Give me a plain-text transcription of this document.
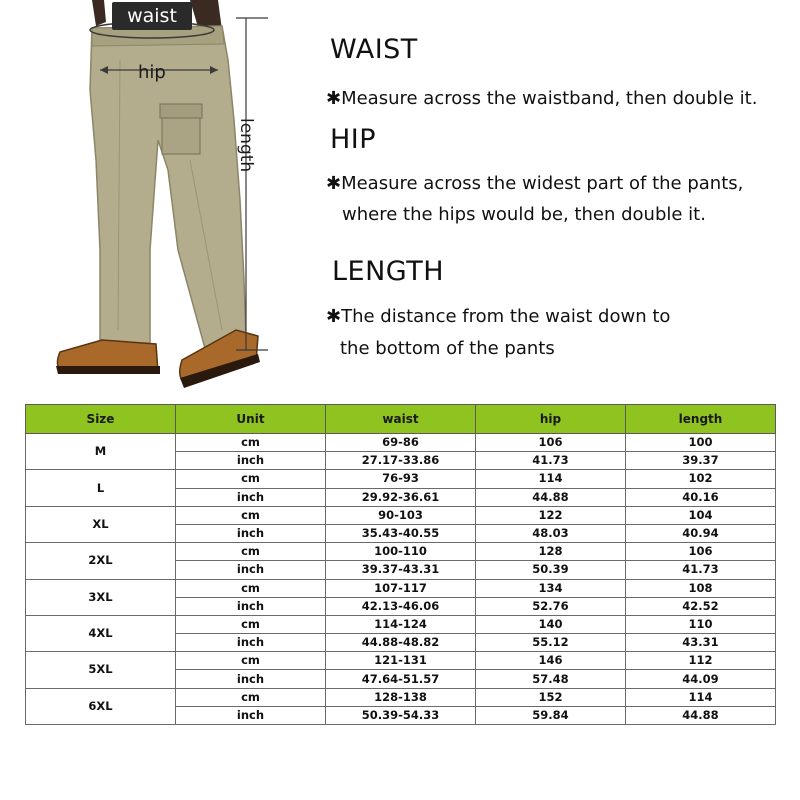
waist
hip
length
WAIST
✱Measure across the waistband, then double it.
HIP
✱Measure across the widest part of the pants,
where the hips would be, then double it.
LENGTH
✱The distance from the waist down to
the bottom of the pants
Size	Unit	waist	hip	length
M	cm	69-86	106	100
	inch	27.17-33.86	41.73	39.37
L	cm	76-93	114	102
	inch	29.92-36.61	44.88	40.16
XL	cm	90-103	122	104
	inch	35.43-40.55	48.03	40.94
2XL	cm	100-110	128	106
	inch	39.37-43.31	50.39	41.73
3XL	cm	107-117	134	108
	inch	42.13-46.06	52.76	42.52
4XL	cm	114-124	140	110
	inch	44.88-48.82	55.12	43.31
5XL	cm	121-131	146	112
	inch	47.64-51.57	57.48	44.09
6XL	cm	128-138	152	114
	inch	50.39-54.33	59.84	44.88
